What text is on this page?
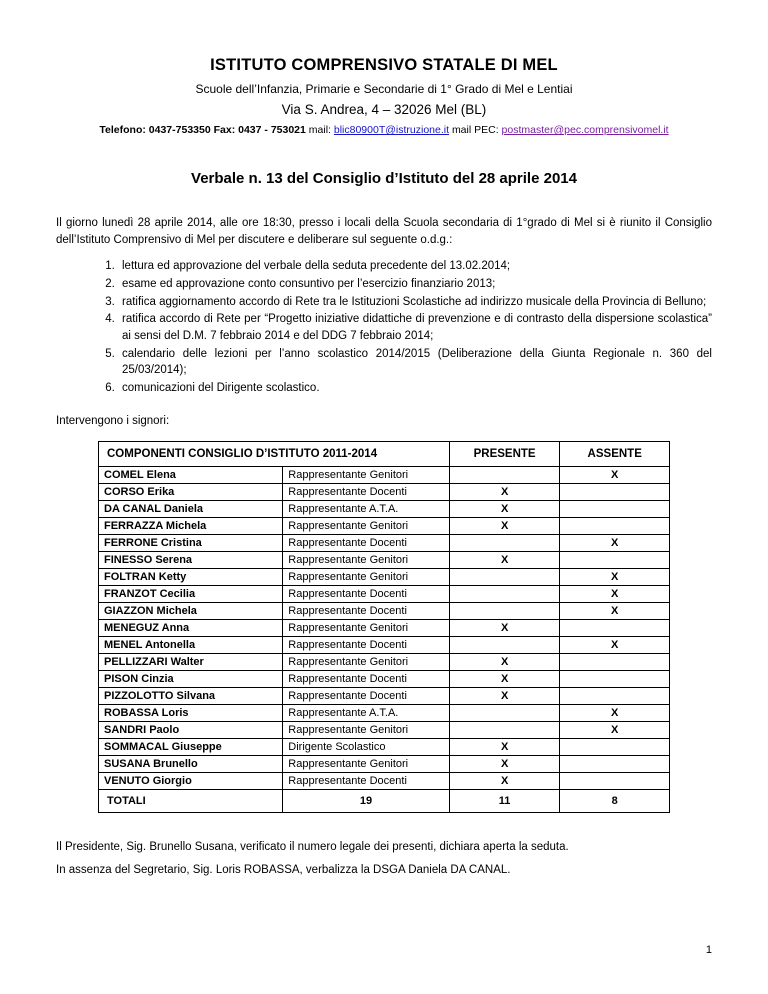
ISTITUTO COMPRENSIVO STATALE DI MEL
Scuole dell’Infanzia, Primarie e Secondarie di 1° Grado di Mel e Lentiai
Via S. Andrea, 4 – 32026 Mel (BL)
Telefono: 0437-753350 Fax: 0437 - 753021 mail: blic80900T@istruzione.it mail PEC: postmaster@pec.comprensivomel.it
Verbale n. 13 del Consiglio d’Istituto del 28 aprile 2014

Il giorno lunedì 28 aprile 2014, alle ore 18:30, presso i locali della Scuola secondaria di 1°grado di Mel si è riunito il Consiglio dell’Istituto Comprensivo di Mel per discutere e deliberare sul seguente o.d.g.:

1. lettura ed approvazione del verbale della seduta precedente del 13.02.2014;
2. esame ed approvazione conto consuntivo per l’esercizio finanziario 2013;
3. ratifica aggiornamento accordo di Rete tra le Istituzioni Scolastiche ad indirizzo musicale della Provincia di Belluno;
4. ratifica accordo di Rete per “Progetto iniziative didattiche di prevenzione e di contrasto della dispersione scolastica” ai sensi del D.M. 7 febbraio 2014 e del DDG 7 febbraio 2014;
5. calendario delle lezioni per l’anno scolastico 2014/2015 (Deliberazione della Giunta Regionale n. 360 del 25/03/2014);
6. comunicazioni del Dirigente scolastico.

Intervengono i signori:

COMPONENTI CONSIGLIO D’ISTITUTO 2011-2014		PRESENTE	ASSENTE
COMEL Elena	Rappresentante Genitori		X
CORSO Erika	Rappresentante Docenti	X	
DA CANAL Daniela	Rappresentante A.T.A.	X	
FERRAZZA Michela	Rappresentante Genitori	X	
FERRONE Cristina	Rappresentante Docenti		X
FINESSO Serena	Rappresentante Genitori	X	
FOLTRAN Ketty	Rappresentante Genitori		X
FRANZOT Cecilia	Rappresentante Docenti		X
GIAZZON Michela	Rappresentante Docenti		X
MENEGUZ Anna	Rappresentante Genitori	X	
MENEL Antonella	Rappresentante Docenti		X
PELLIZZARI Walter	Rappresentante Genitori	X	
PISON Cinzia	Rappresentante Docenti	X	
PIZZOLOTTO Silvana	Rappresentante Docenti	X	
ROBASSA Loris	Rappresentante A.T.A.		X
SANDRI Paolo	Rappresentante Genitori		X
SOMMACAL Giuseppe	Dirigente Scolastico	X	
SUSANA Brunello	Rappresentante Genitori	X	
VENUTO Giorgio	Rappresentante Docenti	X	
TOTALI	19	11	8

Il Presidente, Sig. Brunello Susana, verificato il numero legale dei presenti, dichiara aperta la seduta.

In assenza del Segretario, Sig. Loris ROBASSA, verbalizza la DSGA Daniela DA CANAL.

1
